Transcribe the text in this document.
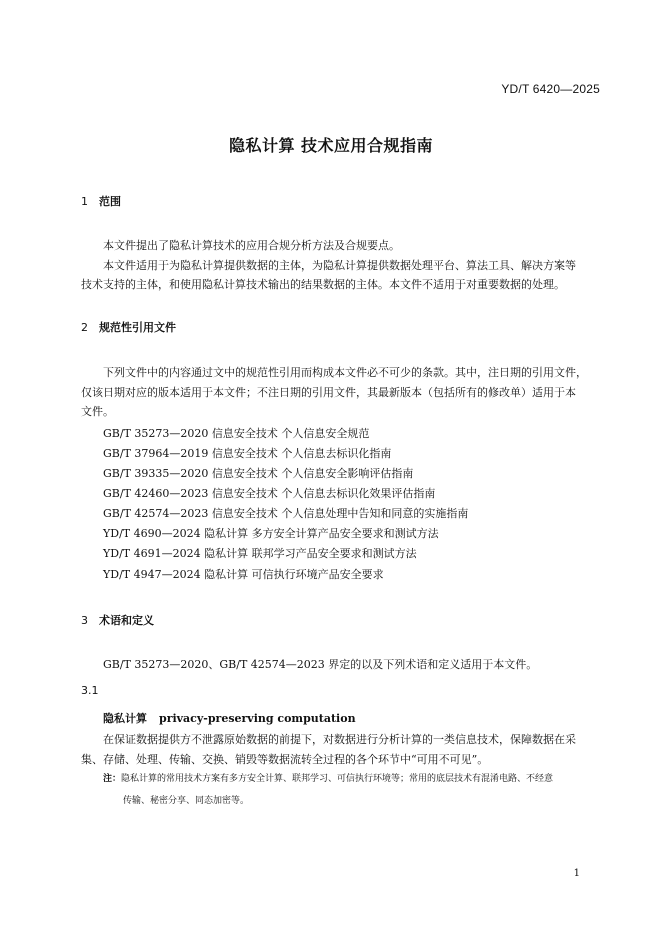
YD/T 6420—2025
隐私计算 技术应用合规指南
1 范围
本文件提出了隐私计算技术的应用合规分析方法及合规要点。
本文件适用于为隐私计算提供数据的主体，为隐私计算提供数据处理平台、算法工具、解决方案等
技术支持的主体，和使用隐私计算技术输出的结果数据的主体。本文件不适用于对重要数据的处理。
2 规范性引用文件
下列文件中的内容通过文中的规范性引用而构成本文件必不可少的条款。其中，注日期的引用文件，
仅该日期对应的版本适用于本文件；不注日期的引用文件，其最新版本（包括所有的修改单）适用于本
文件。
GB/T 35273—2020 信息安全技术 个人信息安全规范
GB/T 37964—2019 信息安全技术 个人信息去标识化指南
GB/T 39335—2020 信息安全技术 个人信息安全影响评估指南
GB/T 42460—2023 信息安全技术 个人信息去标识化效果评估指南
GB/T 42574—2023 信息安全技术 个人信息处理中告知和同意的实施指南
YD/T 4690—2024 隐私计算 多方安全计算产品安全要求和测试方法
YD/T 4691—2024 隐私计算 联邦学习产品安全要求和测试方法
YD/T 4947—2024 隐私计算 可信执行环境产品安全要求
3 术语和定义
GB/T 35273—2020、GB/T 42574—2023 界定的以及下列术语和定义适用于本文件。
3.1
隐私计算 privacy-preserving computation
在保证数据提供方不泄露原始数据的前提下，对数据进行分析计算的一类信息技术，保障数据在采
集、存储、处理、传输、交换、销毁等数据流转全过程的各个环节中“可用不可见”。
注：隐私计算的常用技术方案有多方安全计算、联邦学习、可信执行环境等；常用的底层技术有混淆电路、不经意
传输、秘密分享、同态加密等。
1
